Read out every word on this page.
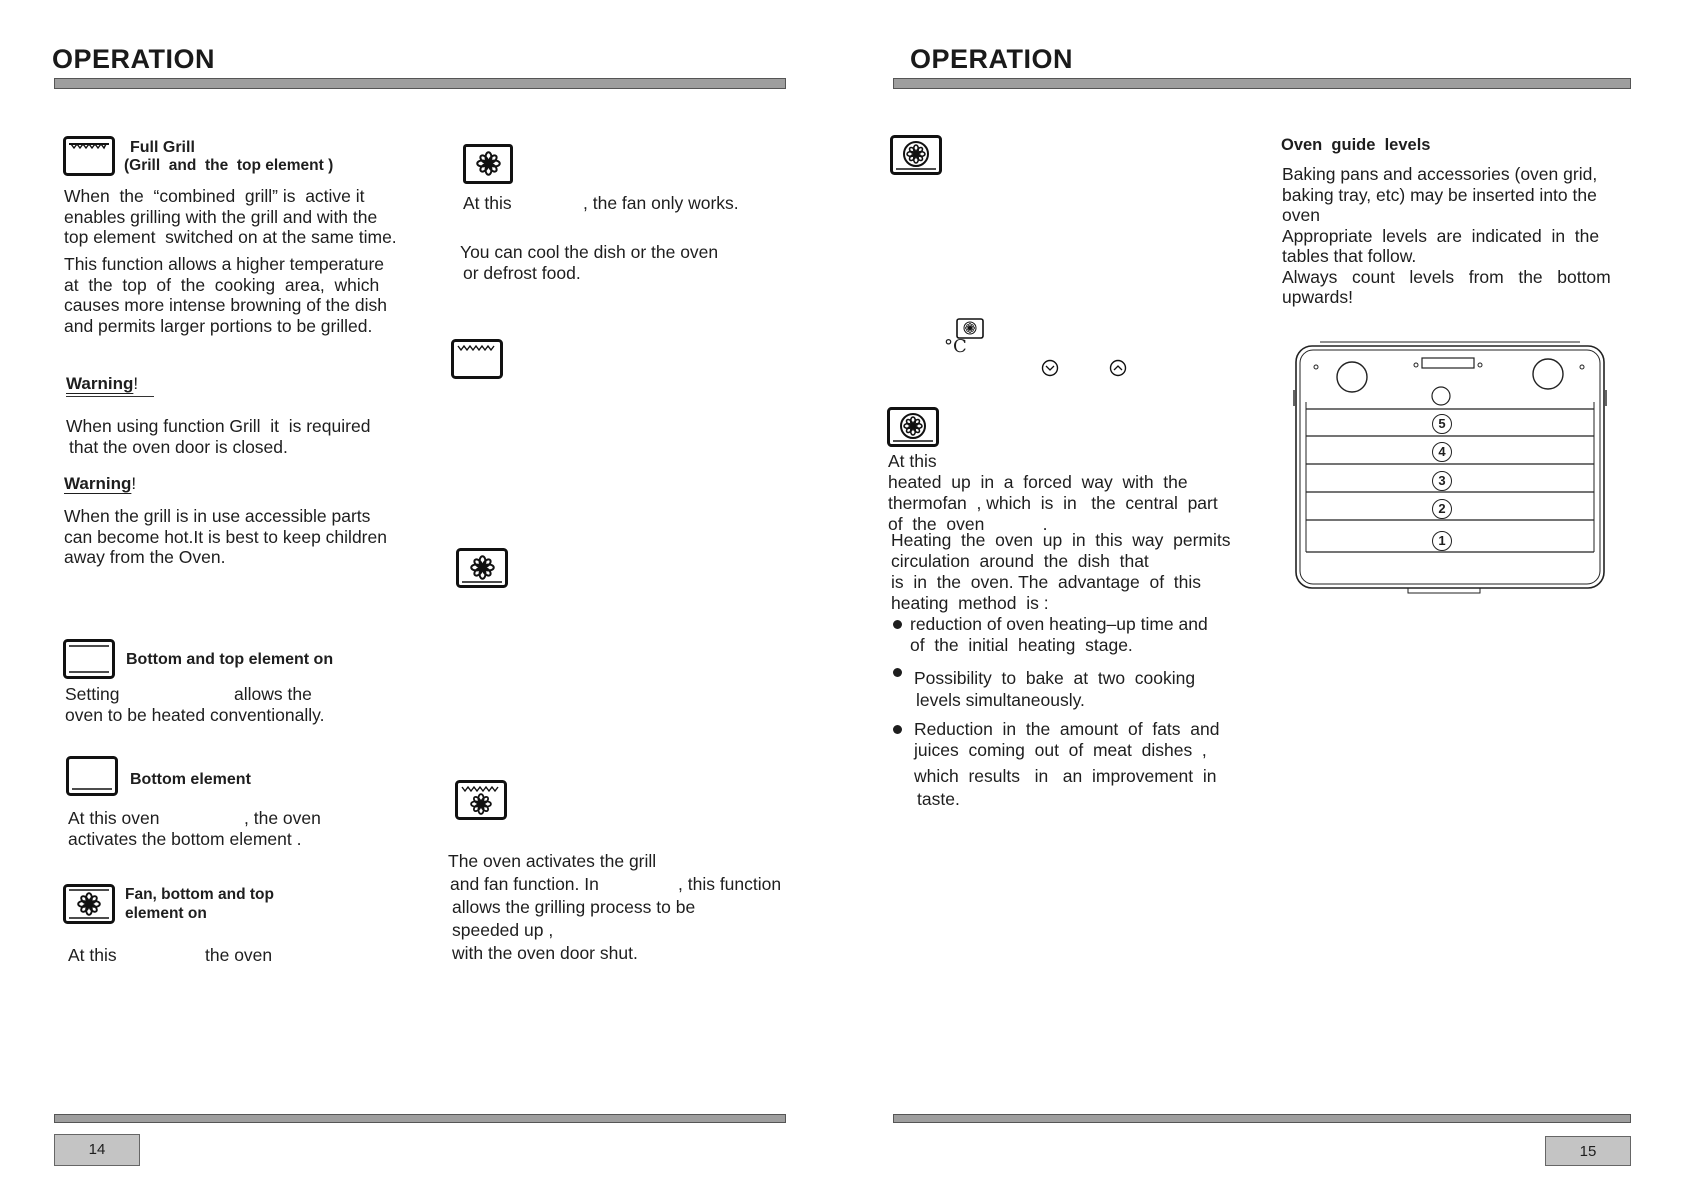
OPERATION
Full Grill
(Grill  and  the  top element )
When  the  “combined  grill” is  active it
enables grilling with the grill and with the
top element  switched on at the same time.
This function allows a higher temperature
at  the  top  of  the  cooking  area,  which
causes more intense browning of the dish
and permits larger portions to be grilled.
Warning!
When using function Grill  it  is required
that the oven door is closed.
Warning!
When the grill is in use accessible parts
can become hot.It is best to keep children
away from the Oven.
Bottom and top element on
Setting	allows the
oven to be heated conventionally.
Bottom element
At this oven	, the oven
activates the bottom element .
Fan, bottom and top
element on
At this	the oven
At this	, the fan only works.
You can cool the dish or the oven
or defrost food.
The oven activates the grill
and fan function. In	, this function
allows the grilling process to be
speeded up ,
with the oven door shut.
14
OPERATION
°C
At this
heated  up  in  a  forced  way  with  the
thermofan  , which  is  in   the  central  part
of  the  oven            .
Heating  the  oven  up  in  this  way  permits
circulation  around  the  dish  that
is  in  the  oven. The  advantage  of  this
heating  method  is :
reduction of oven heating–up time and
of  the  initial  heating  stage.
Possibility  to  bake  at  two  cooking
levels simultaneously.
Reduction  in  the  amount  of  fats  and
juices  coming  out  of  meat  dishes  ,
which  results   in   an  improvement  in
taste.
Oven  guide  levels
Baking pans and accessories (oven grid,
baking tray, etc) may be inserted into the
oven
Appropriate  levels  are  indicated  in  the
tables that follow.
Always   count   levels   from   the   bottom
upwards!
5
4
3
2
1
15
